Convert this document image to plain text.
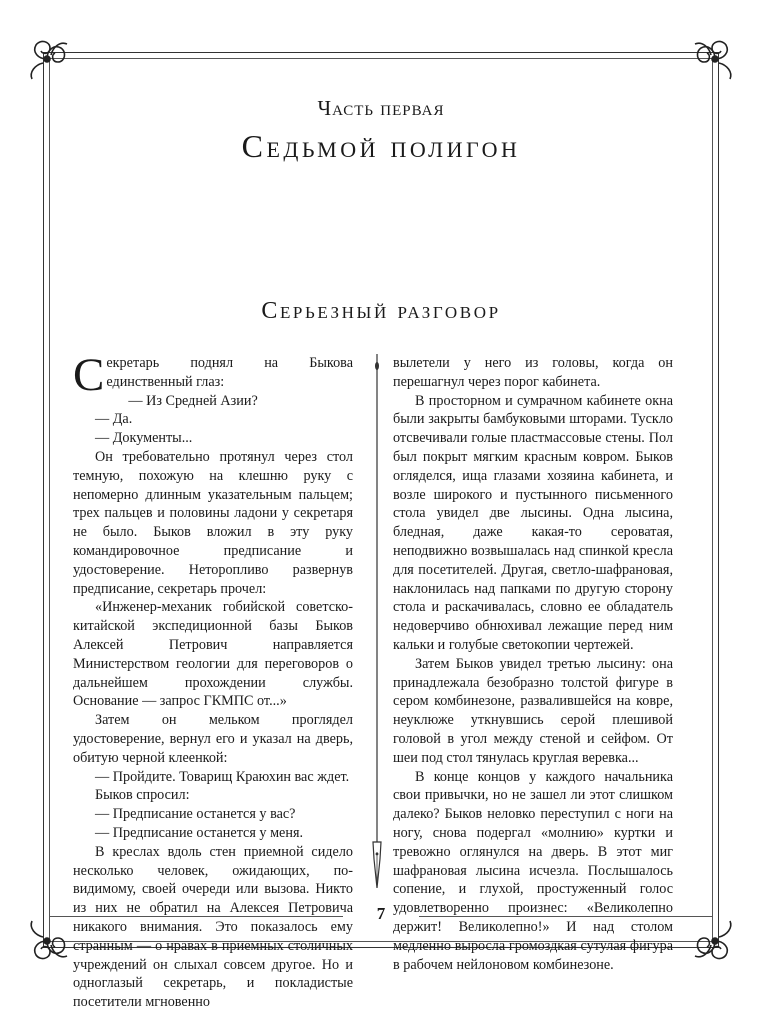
Часть первая
Седьмой полигон
Серьезный разговор

Секретарь поднял на Быкова единственный глаз:

— Из Средней Азии?

— Да.

— Документы...

Он требовательно протянул через стол темную, похожую на клешню руку с непомерно длинным указательным пальцем; трех пальцев и половины ладони у секретаря не было. Быков вложил в эту руку командировочное предписание и удостоверение. Неторопливо развернув предписание, секретарь прочел:

«Инженер-механик гобийской советско-китайской экспедиционной базы Быков Алексей Петрович направляется Министерством геологии для переговоров о дальнейшем прохождении службы. Основание — запрос ГКМПС от...»

Затем он мельком проглядел удостоверение, вернул его и указал на дверь, обитую черной клеенкой:

— Пройдите. Товарищ Краюхин вас ждет.

Быков спросил:

— Предписание останется у вас?

— Предписание останется у меня.

В креслах вдоль стен приемной сидело несколько человек, ожидающих, по-видимому, своей очереди или вызова. Никто из них не обратил на Алексея Петровича никакого внимания. Это показалось ему странным — о нравах в приемных столичных учреждений он слыхал совсем другое. Но и одноглазый секретарь, и покладистые посетители мгновенно

вылетели у него из головы, когда он перешагнул через порог кабинета.

В просторном и сумрачном кабинете окна были закрыты бамбуковыми шторами. Тускло отсвечивали голые пластмассовые стены. Пол был покрыт мягким красным ковром. Быков огляделся, ища глазами хозяина кабинета, и возле широкого и пустынного письменного стола увидел две лысины. Одна лысина, бледная, даже какая-то сероватая, неподвижно возвышалась над спинкой кресла для посетителей. Другая, светло-шафрановая, наклонилась над папками по другую сторону стола и раскачивалась, словно ее обладатель недоверчиво обнюхивал лежащие перед ним кальки и голубые светокопии чертежей.

Затем Быков увидел третью лысину: она принадлежала безобразно толстой фигуре в сером комбинезоне, развалившейся на ковре, неуклюже уткнувшись серой плешивой головой в угол между стеной и сейфом. От шеи под стол тянулась круглая веревка...

В конце концов у каждого начальника свои привычки, но не зашел ли этот слишком далеко? Быков неловко переступил с ноги на ногу, снова подергал «молнию» куртки и тревожно оглянулся на дверь. В этот миг шафрановая лысина исчезла. Послышалось сопение, и глухой, простуженный голос удовлетворенно произнес: «Великолепно держит! Великолепно!» И над столом медленно выросла громоздкая сутулая фигура в рабочем нейлоновом комбинезоне.

7
